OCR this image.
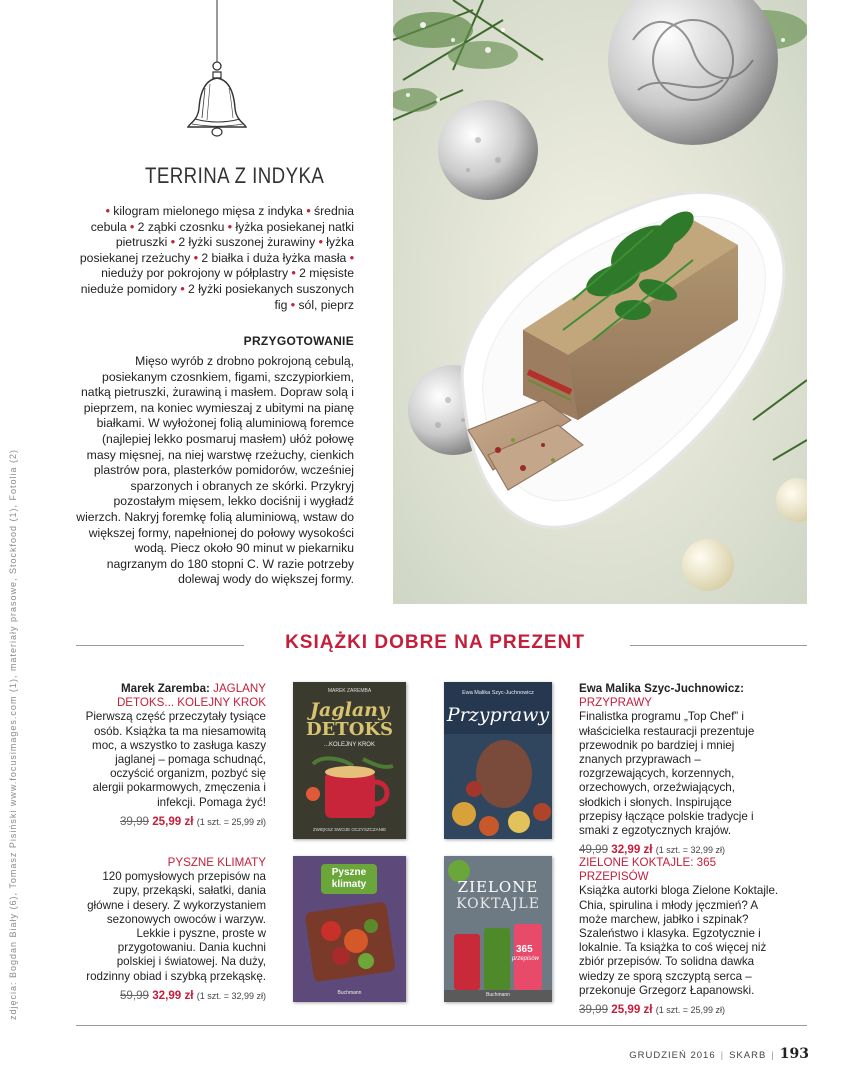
zdjęcia: Bogdan Biały (6), Tomasz Pisiński www.focusimages.com (1), materiały prasowe, Stockfood (1), Fotolia (2)
TERRINA Z INDYKA
• kilogram mielonego mięsa z indyka • średnia cebula • 2 ząbki czosnku • łyżka posiekanej natki pietruszki • 2 łyżki suszonej żurawiny • łyżka posiekanej rzeżuchy • 2 białka i duża łyżka masła • nieduży por pokrojony w półplastry • 2 mięsiste nieduże pomidory • 2 łyżki posiekanych suszonych fig • sól, pieprz
PRZYGOTOWANIE
Mięso wyrób z drobno pokrojoną cebulą, posiekanym czosnkiem, figami, szczypiorkiem, natką pietruszki, żurawiną i masłem. Dopraw solą i pieprzem, na koniec wymieszaj z ubitymi na pianę białkami. W wyłożonej folią aluminiową foremce (najlepiej lekko posmaruj masłem) ułóż połowę masy mięsnej, na niej warstwę rzeżuchy, cienkich plastrów pora, plasterków pomidorów, wcześniej sparzonych i obranych ze skórki. Przykryj pozostałym mięsem, lekko dociśnij i wygładź wierzch. Nakryj foremkę folią aluminiową, wstaw do większej formy, napełnionej do połowy wysokości wodą. Piecz około 90 minut w piekarniku nagrzanym do 180 stopni C. W razie potrzeby dolewaj wody do większej formy.
KSIĄŻKI DOBRE NA PREZENT
Marek Zaremba: JAGLANY DETOKS... KOLEJNY KROK
Pierwszą część przeczytały tysiące osób. Książka ta ma niesamowitą moc, a wszystko to zasługa kaszy jaglanej – pomaga schudnąć, oczyścić organizm, pozbyć się alergii pokarmowych, zmęczenia i infekcji. Pomaga żyć!
39,99 25,99 zł (1 szt. = 25,99 zł)
MAREK ZAREMBA
Jaglany
DETOKS
...KOLEJNY KROK
ZWIĘKSZ SWOJE OCZYSZCZANIE
Ewa Malika Szyc-Juchnowicz
Przyprawy
Ewa Malika Szyc-Juchnowicz:
PRZYPRAWY
Finalistka programu „Top Chef” i właścicielka restauracji prezentuje przewodnik po bardziej i mniej znanych przyprawach – rozgrzewających, korzennych, orzechowych, orzeźwiających, słodkich i słonych. Inspirujące przepisy łączące polskie tradycje i smaki z egzotycznych krajów.
49,99 32,99 zł (1 szt. = 32,99 zł)
PYSZNE KLIMATY
120 pomysłowych przepisów na zupy, przekąski, sałatki, dania główne i desery. Z wykorzystaniem sezonowych owoców i warzyw. Lekkie i pyszne, proste w przygotowaniu. Dania kuchni polskiej i światowej. Na duży, rodzinny obiad i szybką przekąskę.
59,99 32,99 zł (1 szt. = 32,99 zł)
Pyszne
klimaty
Buchmann
ZIELONE
KOKTAJLE
365
przepisów
Buchmann
ZIELONE KOKTAJLE: 365 PRZEPISÓW
Książka autorki bloga Zielone Koktajle. Chia, spirulina i młody jęczmień? A może marchew, jabłko i szpinak? Szaleństwo i klasyka. Egzotycznie i lokalnie. Ta książka to coś więcej niż zbiór przepisów. To solidna dawka wiedzy ze sporą szczyptą serca – przekonuje Grzegorz Łapanowski.
39,99 25,99 zł (1 szt. = 25,99 zł)
GRUDZIEŃ 2016 | SKARB | 193
